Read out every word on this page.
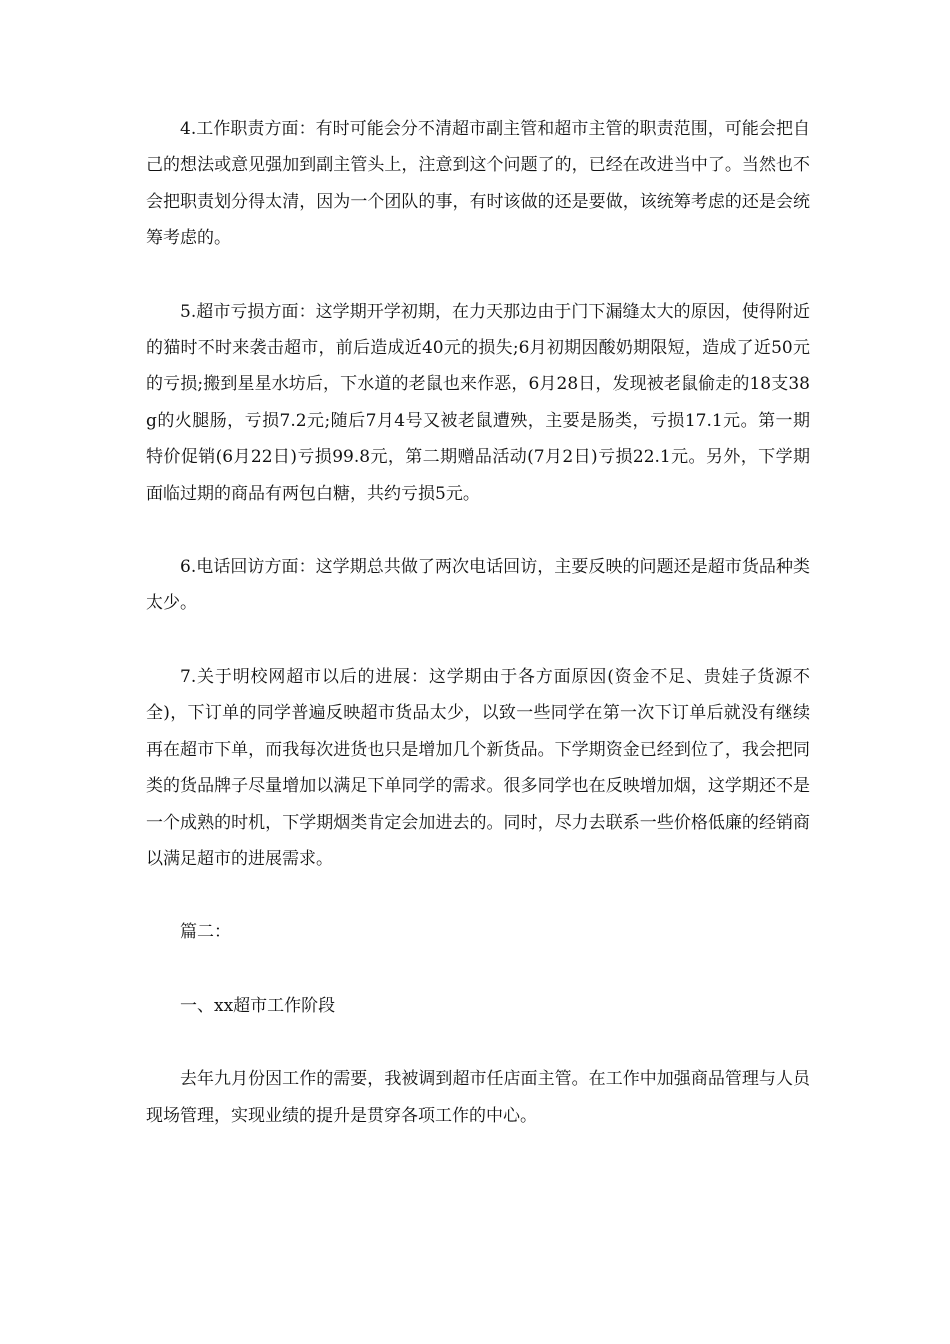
4.工作职责方面：有时可能会分不清超市副主管和超市主管的职责范围，可能会把自己的想法或意见强加到副主管头上，注意到这个问题了的，已经在改进当中了。当然也不会把职责划分得太清，因为一个团队的事，有时该做的还是要做，该统筹考虑的还是会统筹考虑的。

5.超市亏损方面：这学期开学初期，在力天那边由于门下漏缝太大的原因，使得附近的猫时不时来袭击超市，前后造成近40元的损失;6月初期因酸奶期限短，造成了近50元的亏损;搬到星星水坊后，下水道的老鼠也来作恶，6月28日，发现被老鼠偷走的18支38g的火腿肠，亏损7.2元;随后7月4号又被老鼠遭殃，主要是肠类，亏损17.1元。第一期特价促销(6月22日)亏损99.8元，第二期赠品活动(7月2日)亏损22.1元。另外，下学期面临过期的商品有两包白糖，共约亏损5元。

6.电话回访方面：这学期总共做了两次电话回访，主要反映的问题还是超市货品种类太少。

7.关于明校网超市以后的进展：这学期由于各方面原因(资金不足、贵娃子货源不全)，下订单的同学普遍反映超市货品太少，以致一些同学在第一次下订单后就没有继续再在超市下单，而我每次进货也只是增加几个新货品。下学期资金已经到位了，我会把同类的货品牌子尽量增加以满足下单同学的需求。很多同学也在反映增加烟，这学期还不是一个成熟的时机，下学期烟类肯定会加进去的。同时，尽力去联系一些价格低廉的经销商以满足超市的进展需求。

篇二：

一、xx超市工作阶段

去年九月份因工作的需要，我被调到超市任店面主管。在工作中加强商品管理与人员现场管理，实现业绩的提升是贯穿各项工作的中心。
